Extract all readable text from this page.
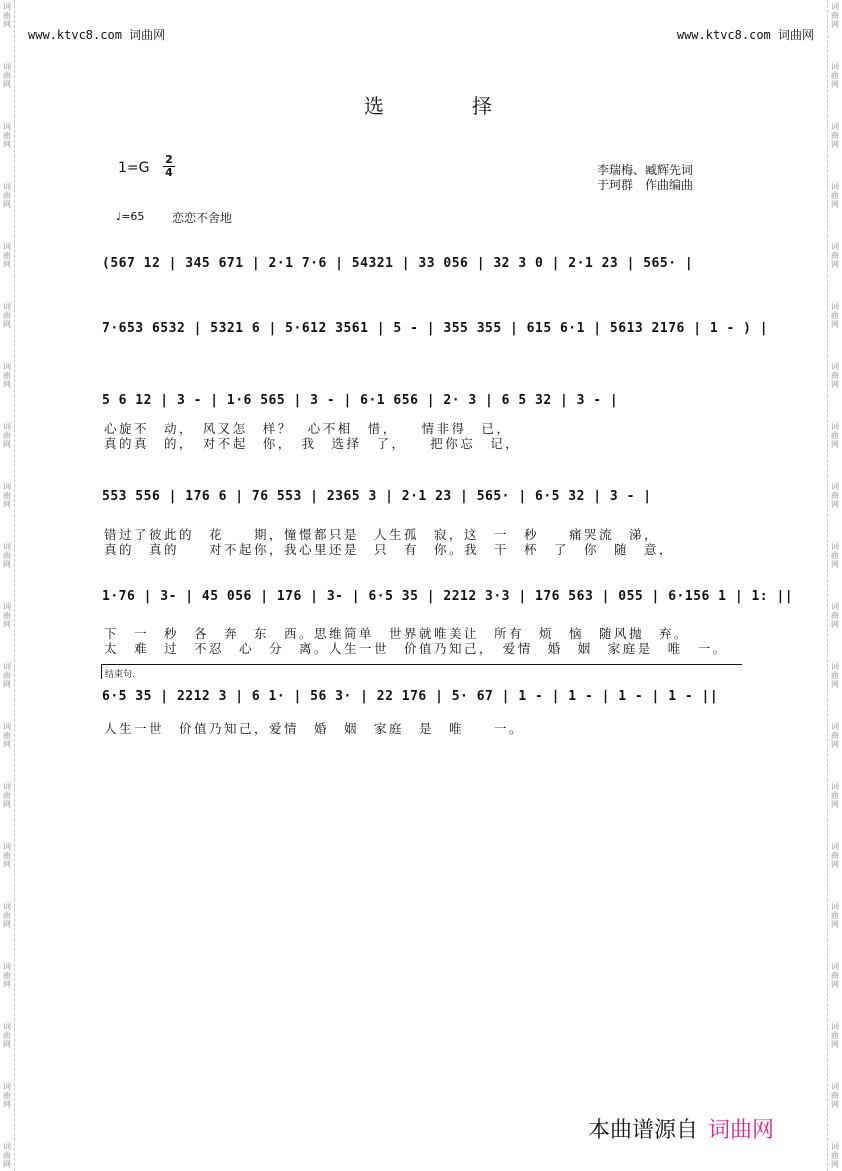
词
曲
网
词
曲
网
词
曲
网
词
曲
网
词
曲
网
词
曲
网
词
曲
网
词
曲
网
词
曲
网
词
曲
网
词
曲
网
词
曲
网
词
曲
网
词
曲
网
词
曲
网
词
曲
网
词
曲
网
词
曲
网
词
曲
网
词
曲
网
词
曲
网
词
曲
网
词
曲
网
词
曲
网
词
曲
网
词
曲
网
词
曲
网
词
曲
网
词
曲
网
词
曲
网
词
曲
网
词
曲
网
词
曲
网
词
曲
网
词
曲
网
词
曲
网
词
曲
网
词
曲
网
词
曲
网
词
曲
网
www.ktvc8.com 词曲网	www.ktvc8.com 词曲网
选择
1=G
2
4	李瑞梅、臧辉先词
于珂群　作曲编曲
♩=65 恋恋不舍地
(567 12 | 345 671 | 2·1 7·6 | 54321 | 33 056 | 32 3 0 | 2·1 23 | 565· |
7·653 6532 | 5321 6 | 5·612 3561 | 5 - | 355 355 | 615 6·1 | 5613 2176 | 1 - ) |
5 6 12 | 3 - | 1·6 565 | 3 - | 6·1 656 | 2· 3 | 6 5 32 | 3 - |
心旋不　动，　风又怎　样？　心不相　惜，　　情非得　已，
真的真　的，　对不起　你，　我　选择　了，　　把你忘　记，
553 556 | 176 6 | 76 553 | 2365 3 | 2·1 23 | 565· | 6·5 32 | 3 - |
错过了彼此的　花　　期，憧憬都只是　人生孤　寂，这　一　秒　　痛哭流　涕，
真的　真的　　对不起你，我心里还是　只　有　你。我　干　杯　了　你　随　意，
1·76 | 3- | 45 056 | 176 | 3- | 6·5 35 | 2212 3·3 | 176 563 | 055 | 6·156 1 | 1: ||
下　一　秒　各　奔　东　西。思维简单　世界就唯美让　所有　烦　恼　随风抛　弃。
太　难　过　不忍　心　分　离。人生一世　价值乃知己，　爱情　婚　姻　家庭是　唯　一。
结束句.
6·5 35 | 2212 3 | 6 1· | 56 3· | 22 176 | 5· 67 | 1 - | 1 - | 1 - | 1 - ||
人生一世　价值乃知己，爱情　婚　姻　家庭　是　唯　　一。
本曲谱源自 词曲网
